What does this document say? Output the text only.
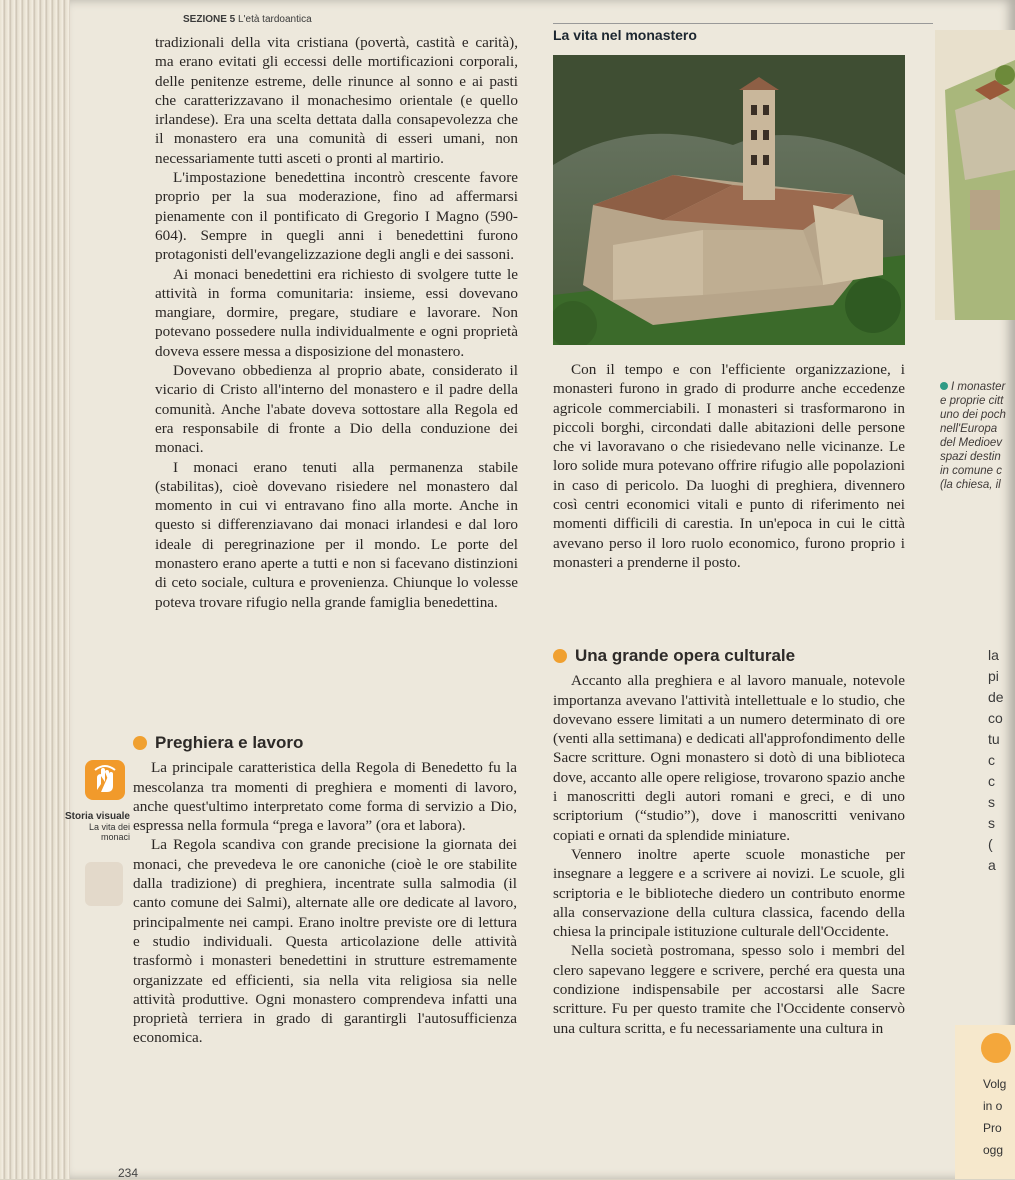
SEZIONE 5 L'età tardoantica

tradizionali della vita cristiana (povertà, castità e carità), ma erano evitati gli eccessi delle mortificazioni corporali, delle penitenze estreme, delle rinunce al sonno e ai pasti che caratterizzavano il monachesimo orientale (e quello irlandese). Era una scelta dettata dalla consapevolezza che il monastero era una comunità di esseri umani, non necessariamente tutti asceti o pronti al martirio.

L'impostazione benedettina incontrò crescente favore proprio per la sua moderazione, fino ad affermarsi pienamente con il pontificato di Gregorio I Magno (590-604). Sempre in quegli anni i benedettini furono protagonisti dell'evangelizzazione degli angli e dei sassoni.

Ai monaci benedettini era richiesto di svolgere tutte le attività in forma comunitaria: insieme, essi dovevano mangiare, dormire, pregare, studiare e lavorare. Non potevano possedere nulla individualmente e ogni proprietà doveva essere messa a disposizione del monastero.

Dovevano obbedienza al proprio abate, considerato il vicario di Cristo all'interno del monastero e il padre della comunità. Anche l'abate doveva sottostare alla Regola ed era responsabile di fronte a Dio della conduzione dei monaci.

I monaci erano tenuti alla permanenza stabile (stabilitas), cioè dovevano risiedere nel monastero dal momento in cui vi entravano fino alla morte. Anche in questo si differenziavano dai monaci irlandesi e dal loro ideale di peregrinazione per il mondo. Le porte del monastero erano aperte a tutti e non si facevano distinzioni di ceto sociale, cultura e provenienza. Chiunque lo volesse poteva trovare rifugio nella grande famiglia benedettina.

Storia visuale
La vita dei monaci
Preghiera e lavoro

La principale caratteristica della Regola di Benedetto fu la mescolanza tra momenti di preghiera e momenti di lavoro, anche quest'ultimo interpretato come forma di servizio a Dio, espressa nella formula “prega e lavora” (ora et labora).

La Regola scandiva con grande precisione la giornata dei monaci, che prevedeva le ore canoniche (cioè le ore stabilite dalla tradizione) di preghiera, incentrate sulla salmodia (il canto comune dei Salmi), alternate alle ore dedicate al lavoro, principalmente nei campi. Erano inoltre previste ore di lettura e studio individuali. Questa articolazione delle attività trasformò i monasteri benedettini in strutture estremamente organizzate ed efficienti, sia nella vita religiosa sia nelle attività produttive. Ogni monastero comprendeva infatti una proprietà terriera in grado di garantirgli l'autosufficienza economica.

La vita nel monastero

Con il tempo e con l'efficiente organizzazione, i monasteri furono in grado di produrre anche eccedenze agricole commerciabili. I monasteri si trasformarono in piccoli borghi, circondati dalle abitazioni delle persone che vi lavoravano o che risiedevano nelle vicinanze. Le loro solide mura potevano offrire rifugio alle popolazioni in caso di pericolo. Da luoghi di preghiera, divennero così centri economici vitali e punto di riferimento nei momenti difficili di carestia. In un'epoca in cui le città avevano perso il loro ruolo economico, furono proprio i monasteri a prenderne il posto.

Una grande opera culturale

Accanto alla preghiera e al lavoro manuale, notevole importanza avevano l'attività intellettuale e lo studio, che dovevano essere limitati a un numero determinato di ore (venti alla settimana) e dedicati all'approfondimento delle Sacre scritture. Ogni monastero si dotò di una biblioteca dove, accanto alle opere religiose, trovarono spazio anche i manoscritti degli autori romani e greci, e di uno scriptorium (“studio”), dove i manoscritti venivano copiati e ornati da splendide miniature.

Vennero inoltre aperte scuole monastiche per insegnare a leggere e a scrivere ai novizi. Le scuole, gli scriptoria e le biblioteche diedero un contributo enorme alla conservazione della cultura classica, facendo della chiesa la principale istituzione culturale dell'Occidente.

Nella società postromana, spesso solo i membri del clero sapevano leggere e scrivere, perché era questa una condizione indispensabile per accostarsi alle Sacre scritture. Fu per questo tramite che l'Occidente conservò una cultura scritta, e fu necessariamente una cultura in

I monaster
e proprie citt
uno dei poch
nell'Europa
del Medioev
spazi destin
in comune c
(la chiesa, il
la
pi
de
co
tu
c
c
s
s
(
a
Volg
in o
Pro
ogg
234
